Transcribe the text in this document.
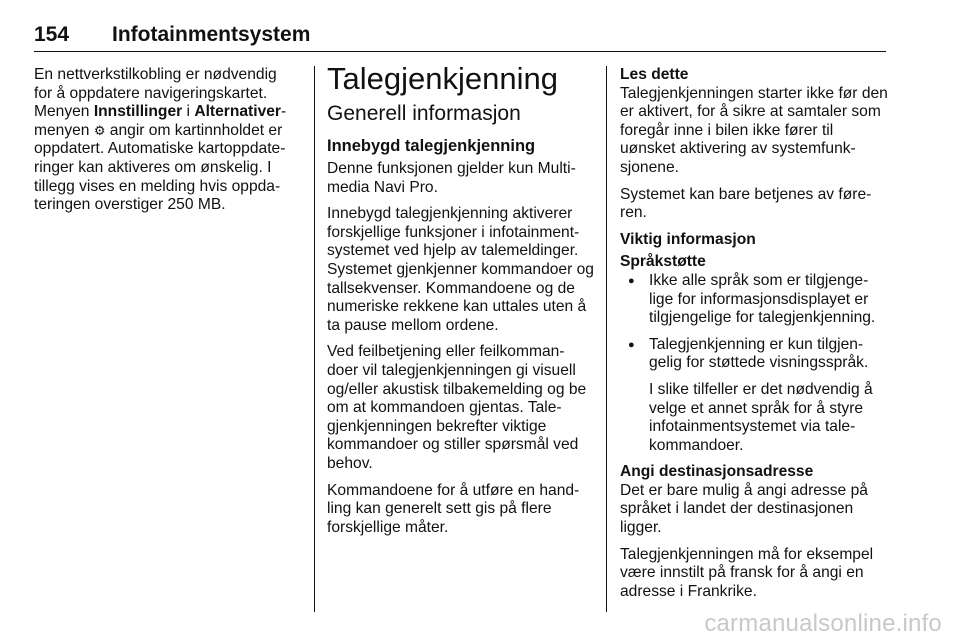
154 Infotainmentsystem

En nettverkstilkobling er nødvendig for å oppdatere navigeringskartet. Menyen Innstillinger i Alternativer-menyen ⚙ angir om kartinnholdet er oppdatert. Automatiske kartoppdate-ringer kan aktiveres om ønskelig. I tillegg vises en melding hvis oppda-teringen overstiger 250 MB.

Talegjenkjenning
Generell informasjon
Innebygd talegjenkjenning

Denne funksjonen gjelder kun Multi-media Navi Pro.

Innebygd talegjenkjenning aktiverer forskjellige funksjoner i infotainment-systemet ved hjelp av talemeldinger. Systemet gjenkjenner kommandoer og tallsekvenser. Kommandoene og de numeriske rekkene kan uttales uten å ta pause mellom ordene.

Ved feilbetjening eller feilkomman-doer vil talegjenkjenningen gi visuell og/eller akustisk tilbakemelding og be om at kommandoen gjentas. Tale-gjenkjenningen bekrefter viktige kommandoer og stiller spørsmål ved behov.

Kommandoene for å utføre en hand-ling kan generelt sett gis på flere forskjellige måter.

Les dette

Talegjenkjenningen starter ikke før den er aktivert, for å sikre at samtaler som foregår inne i bilen ikke fører til uønsket aktivering av systemfunk-sjonene.

Systemet kan bare betjenes av føre-ren.

Viktig informasjon
Språkstøtte

● Ikke alle språk som er tilgjenge-lige for informasjonsdisplayet er tilgjengelige for talegjenkjenning.

● Talegjenkjenning er kun tilgjen-gelig for støttede visningsspråk.

I slike tilfeller er det nødvendig å velge et annet språk for å styre infotainmentsystemet via tale-kommandoer.

Angi destinasjonsadresse

Det er bare mulig å angi adresse på språket i landet der destinasjonen ligger.

Talegjenkjenningen må for eksempel være innstilt på fransk for å angi en adresse i Frankrike.

carmanualsonline.info
